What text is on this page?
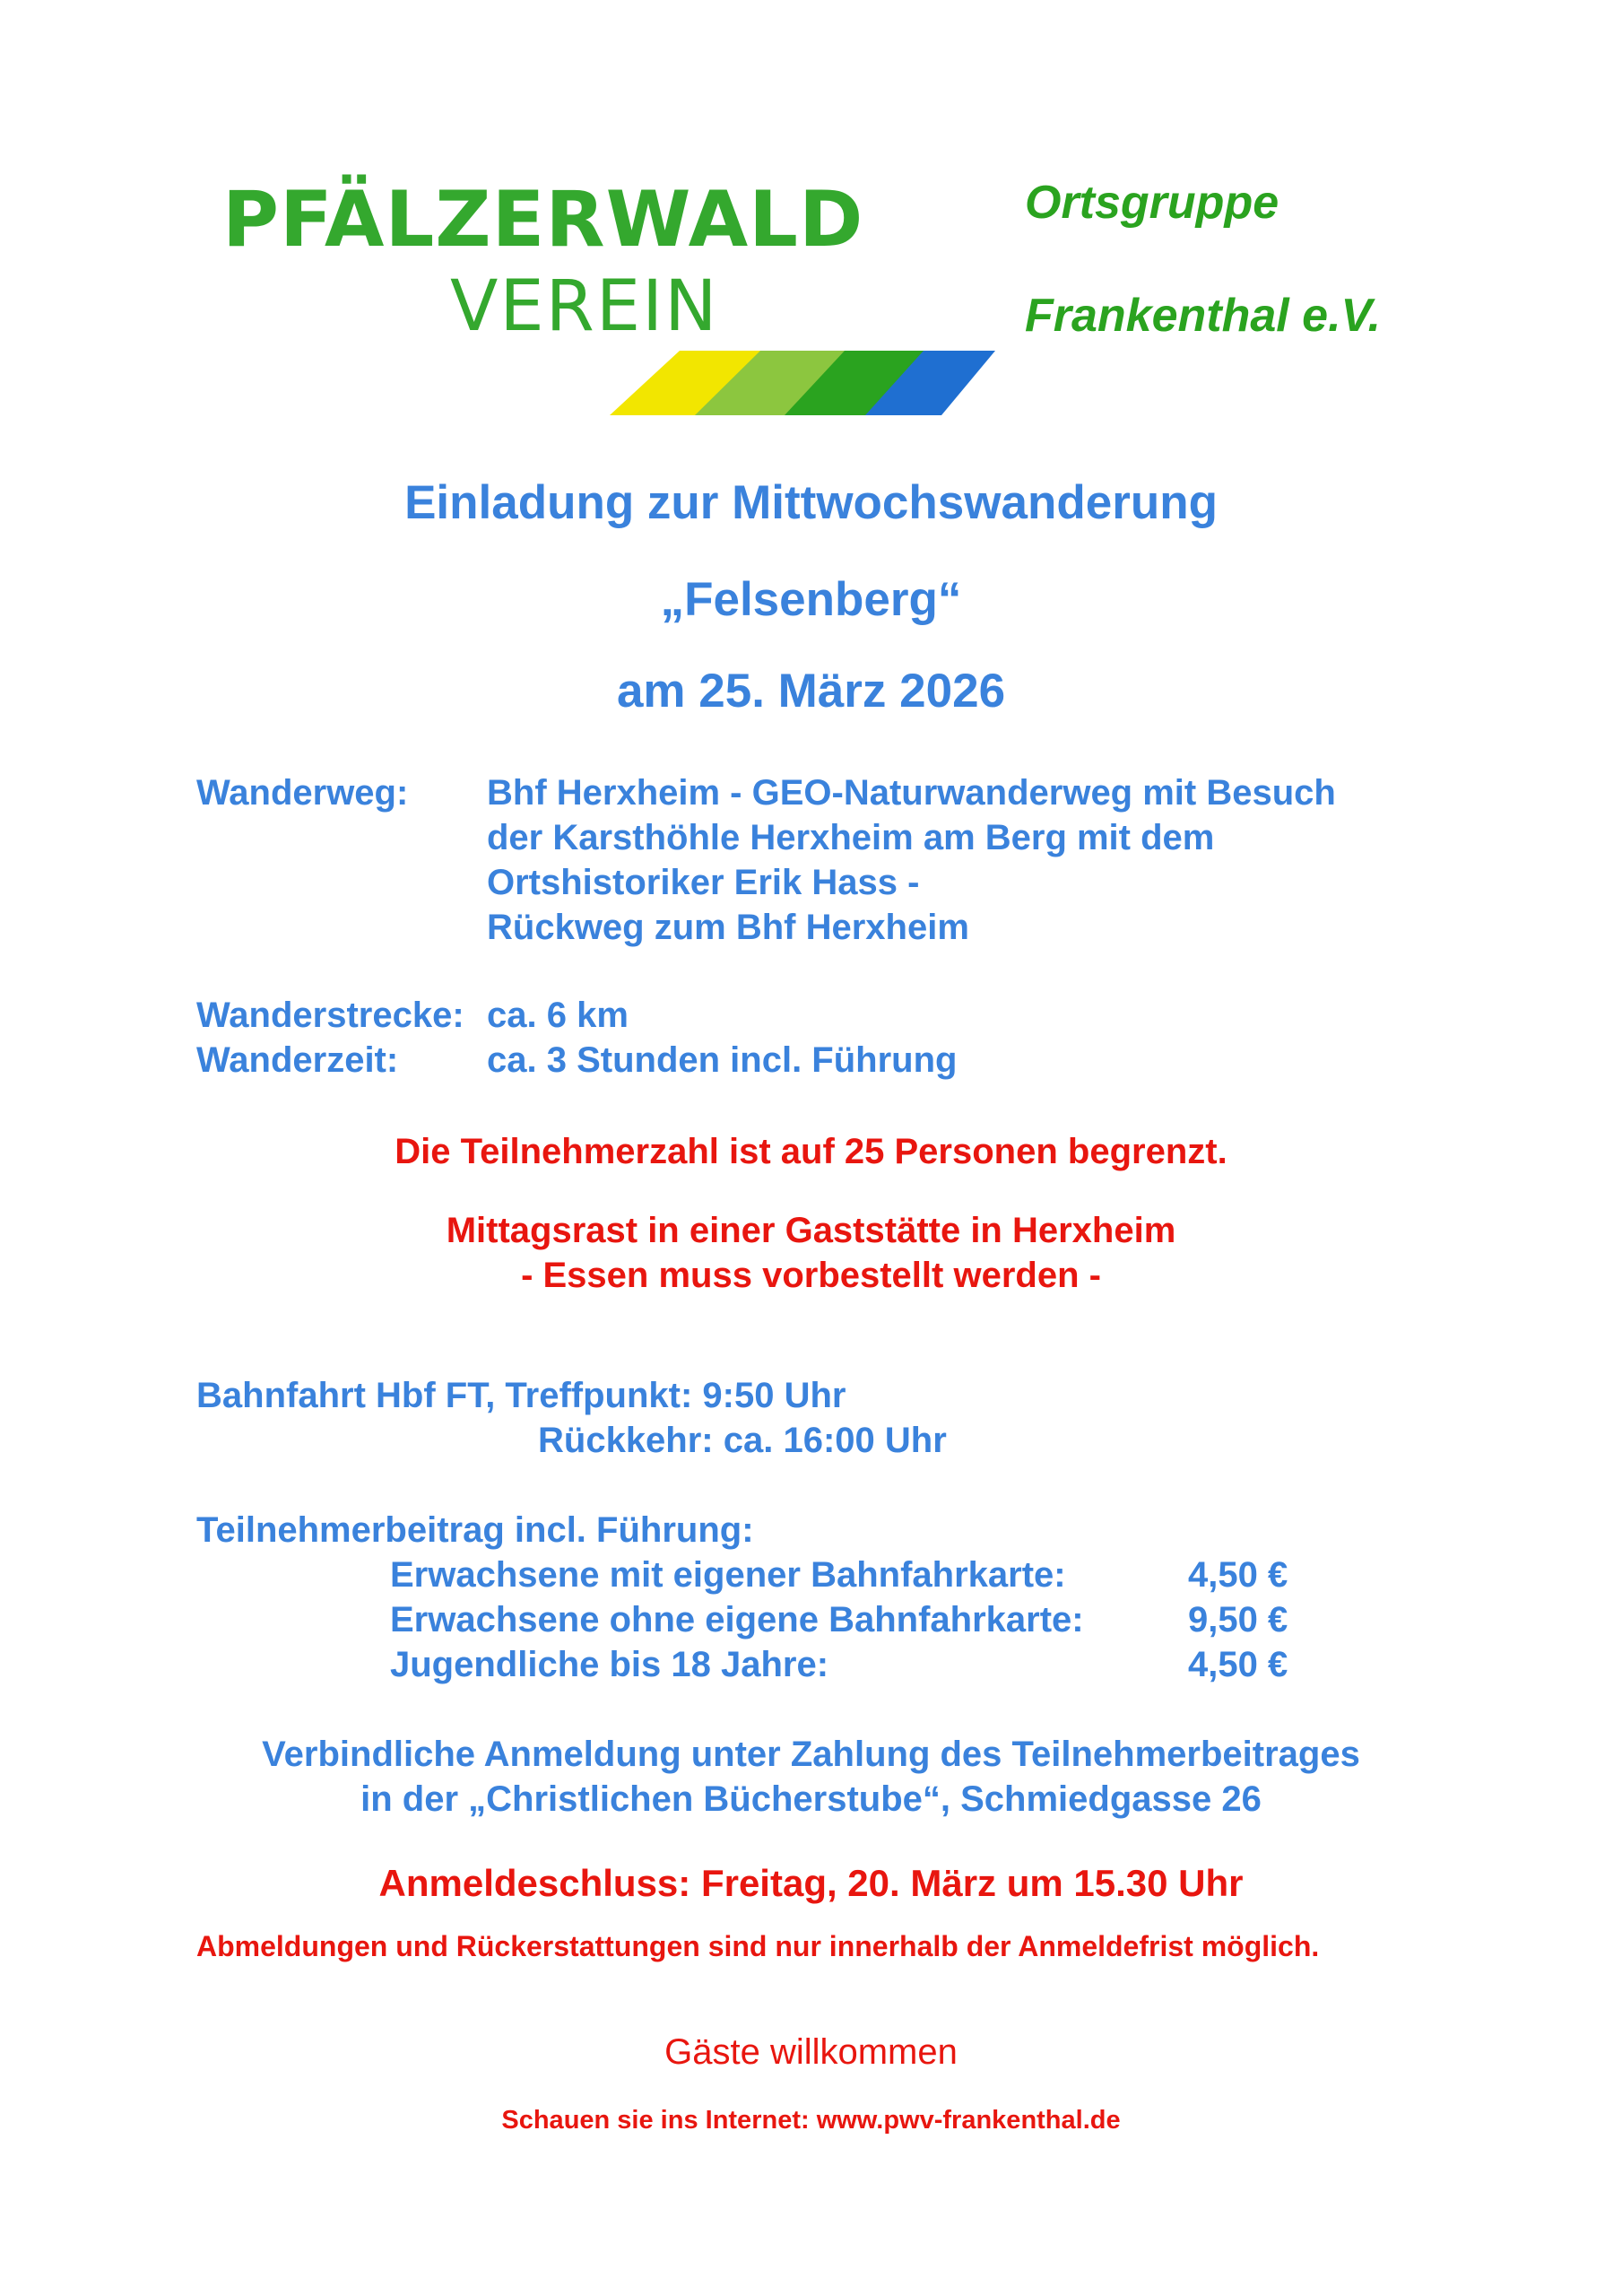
PFÄLZERWALD
VEREIN
Ortsgruppe
Frankenthal e.V.
Einladung zur Mittwochswanderung
„Felsenberg“
am 25. März 2026
Wanderweg: Bhf Herxheim - GEO-Naturwanderweg mit Besuch
der Karsthöhle Herxheim am Berg mit dem
Ortshistoriker Erik Hass -
Rückweg zum Bhf Herxheim
Wanderstrecke: ca. 6 km
Wanderzeit: ca. 3 Stunden incl. Führung
Die Teilnehmerzahl ist auf 25 Personen begrenzt.
Mittagsrast in einer Gaststätte in Herxheim
- Essen muss vorbestellt werden -
Bahnfahrt Hbf FT, Treffpunkt: 9:50 Uhr
Rückkehr: ca. 16:00 Uhr
Teilnehmerbeitrag incl. Führung:
Erwachsene mit eigener Bahnfahrkarte:	4,50 €
Erwachsene ohne eigene Bahnfahrkarte:	9,50 €
Jugendliche bis 18 Jahre:	4,50 €
Verbindliche Anmeldung unter Zahlung des Teilnehmerbeitrages
in der „Christlichen Bücherstube“, Schmiedgasse 26
Anmeldeschluss: Freitag, 20. März um 15.30 Uhr
Abmeldungen und Rückerstattungen sind nur innerhalb der Anmeldefrist möglich.
Gäste willkommen
Schauen sie ins Internet: www.pwv-frankenthal.de
